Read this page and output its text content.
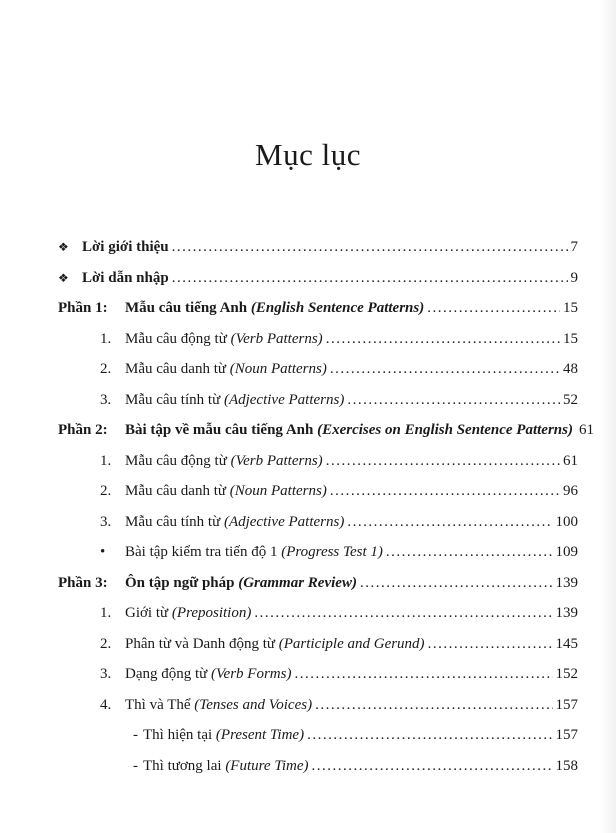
Mục lục
❖ Lời giới thiệu .....	7
❖ Lời dẫn nhập .....	9
Phần 1:	Mẫu câu tiếng Anh (English Sentence Patterns) .....	15
1. Mẫu câu động từ (Verb Patterns) .....	15
2. Mẫu câu danh từ (Noun Patterns) .....	48
3. Mẫu câu tính từ (Adjective Patterns) .....	52
Phần 2:	Bài tập về mẫu câu tiếng Anh (Exercises on English Sentence Patterns) 61
1. Mẫu câu động từ (Verb Patterns) .....	61
2. Mẫu câu danh từ (Noun Patterns) .....	96
3. Mẫu câu tính từ (Adjective Patterns) .....	100
•	Bài tập kiểm tra tiến độ 1 (Progress Test 1) .....	109
Phần 3:	Ôn tập ngữ pháp (Grammar Review) .....	139
1. Giới từ (Preposition) .....	139
2. Phân từ và Danh động từ (Participle and Gerund) .....	145
3. Dạng động từ (Verb Forms) .....	152
4. Thì và Thể (Tenses and Voices) .....	157
- Thì hiện tại (Present Time) .....	157
- Thì tương lai (Future Time) .....	158
